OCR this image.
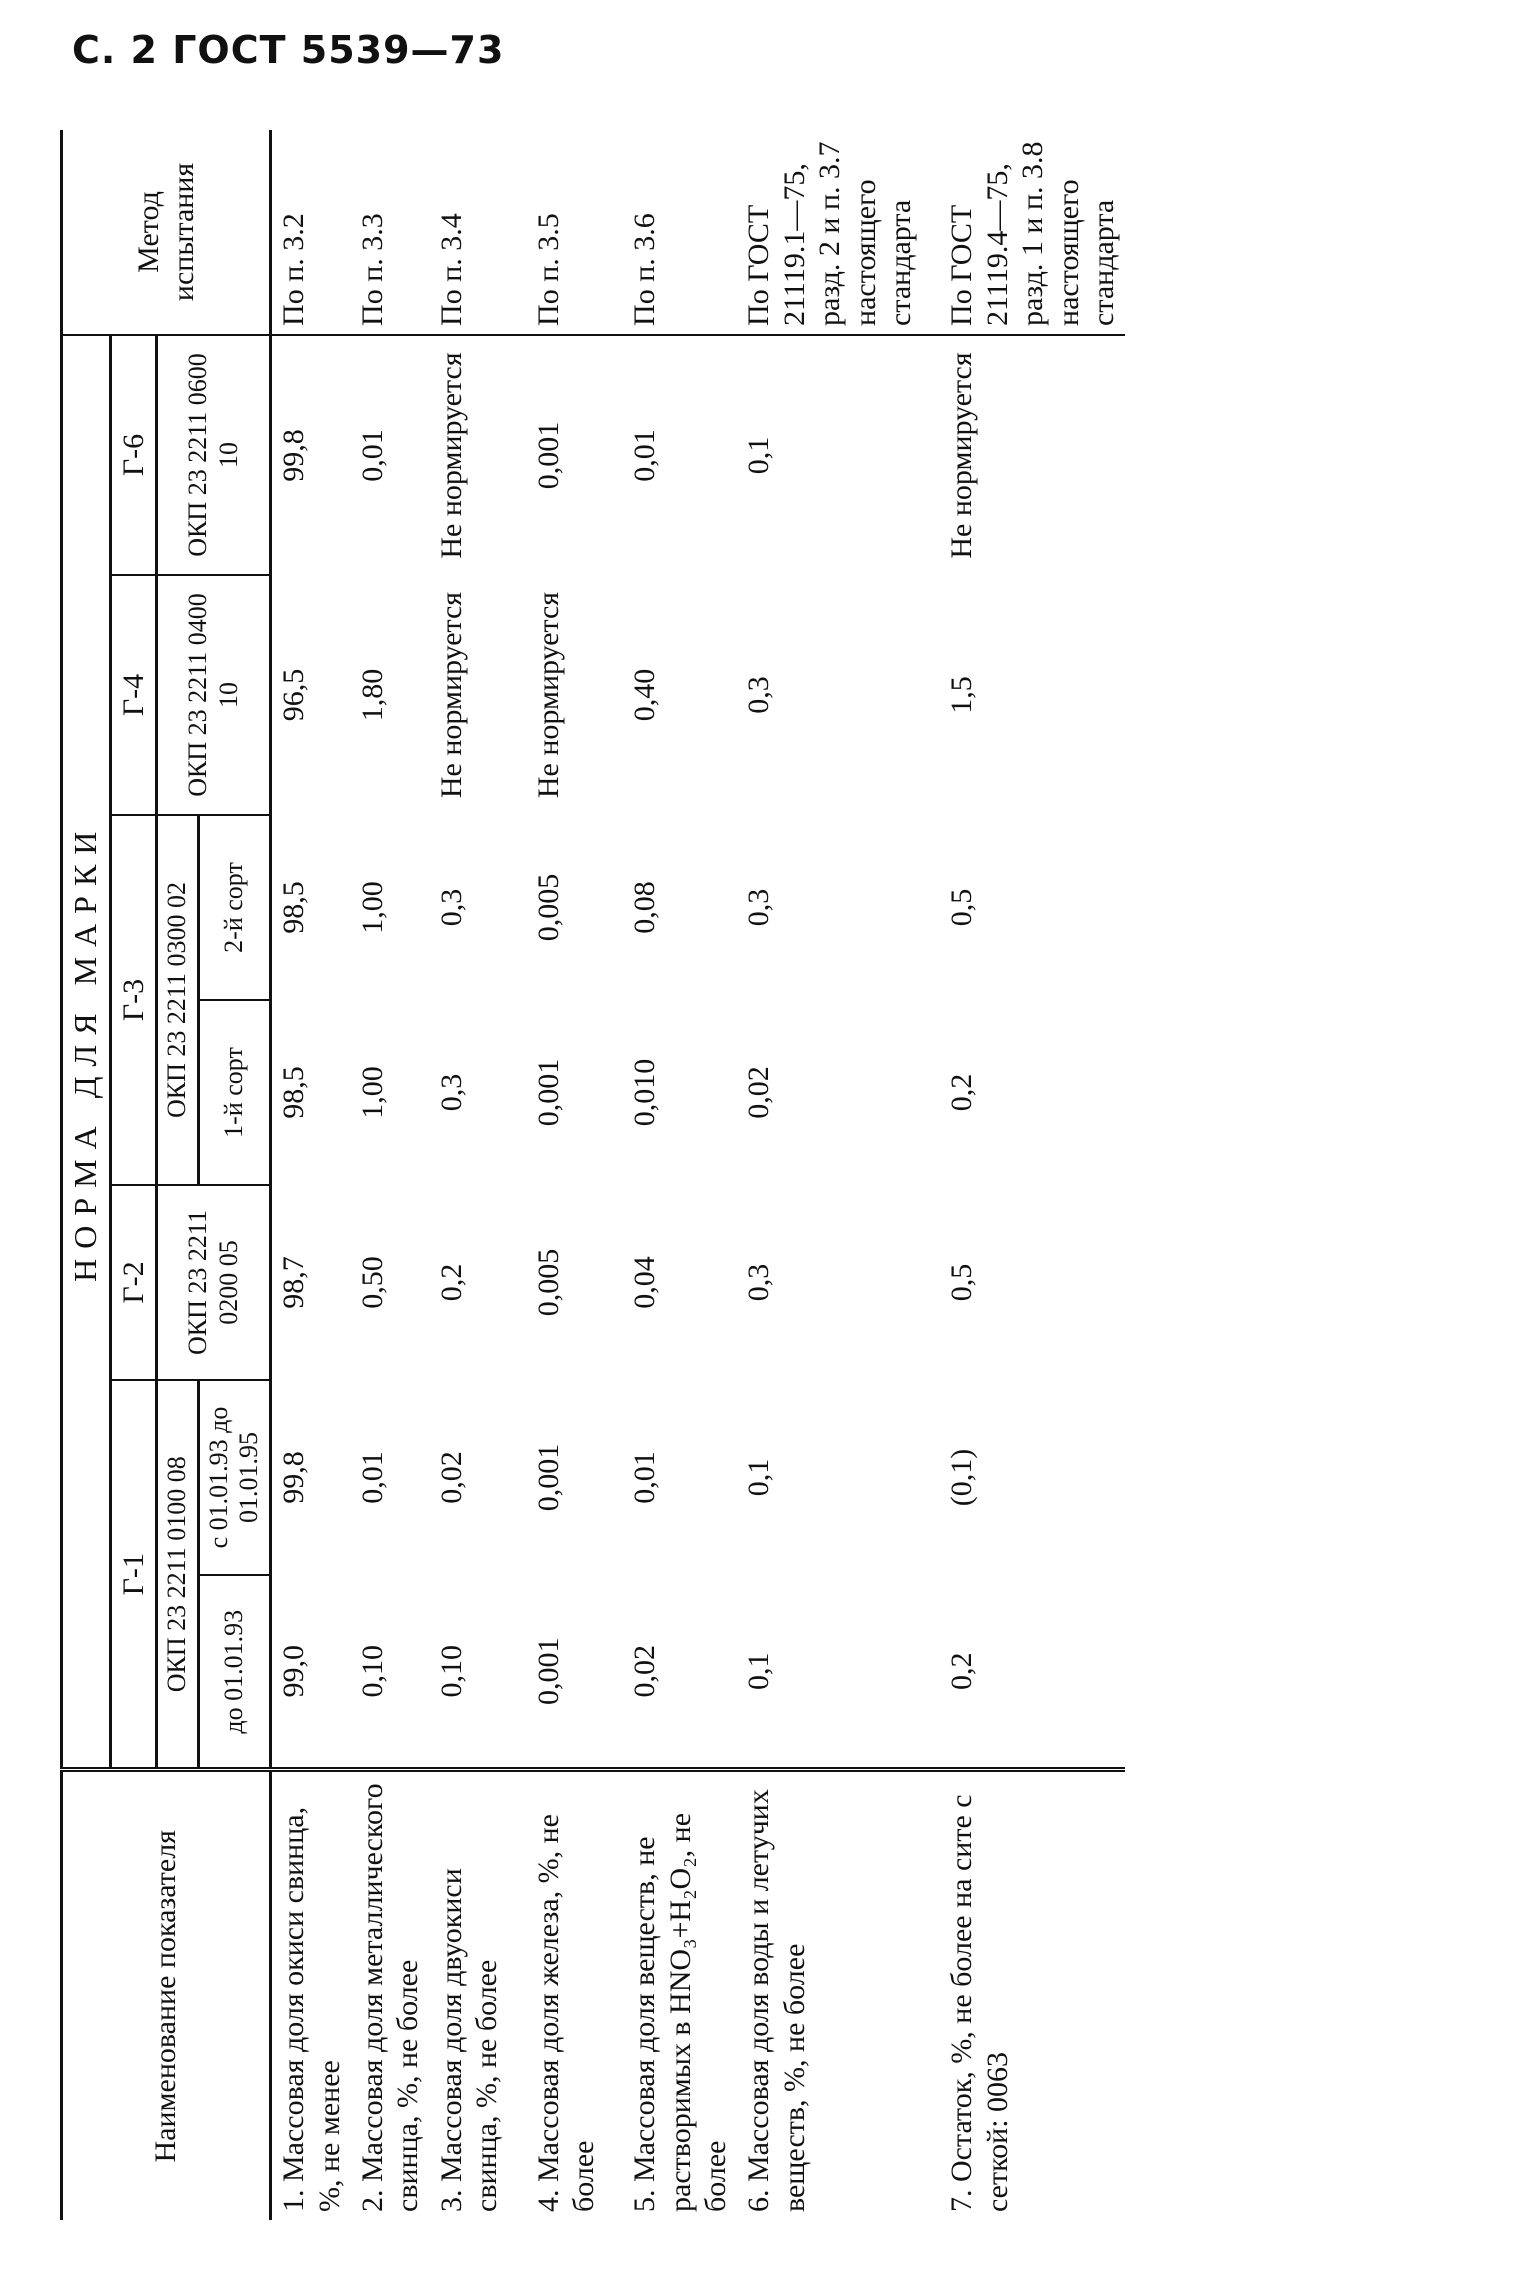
С. 2 ГОСТ 5539—73
Наименование показателя	НОРМА ДЛЯ МАРКИ							Метод испытания
	Г-1		Г-2	Г-3		Г-4	Г-6	
	ОКП 23 2211 0100 08		ОКП 23 2211 0200 05	ОКП 23 2211 0300 02		ОКП 23 2211 0400 10	ОКП 23 2211 0600 10	
	до 01.01.93	с 01.01.93 до 01.01.95		1-й сорт	2-й сорт			
1. Массовая доля окиси свинца, %, не менее	99,0	99,8	98,7	98,5	98,5	96,5	99,8	По п. 3.2
2. Массовая доля металлического свинца, %, не более	0,10	0,01	0,50	1,00	1,00	1,80	0,01	По п. 3.3
3. Массовая доля двуокиси свинца, %, не более	0,10	0,02	0,2	0,3	0,3	Не нормируется	Не нормируется	По п. 3.4
4. Массовая доля железа, %, не более	0,001	0,001	0,005	0,001	0,005	Не нормируется	0,001	По п. 3.5
5. Массовая доля веществ, не растворимых в HNO₃+H₂O₂, не более	0,02	0,01	0,04	0,010	0,08	0,40	0,01	По п. 3.6
6. Массовая доля воды и летучих веществ, %, не более	0,1	0,1	0,3	0,02	0,3	0,3	0,1	По ГОСТ 21119.1—75, разд. 2 и п. 3.7 настоящего стандарта
7. Остаток, %, не более на сите с сеткой: 0063	0,2	(0,1)	0,5	0,2	0,5	1,5	Не нормируется	По ГОСТ 21119.4—75, разд. 1 и п. 3.8 настоящего стандарта
